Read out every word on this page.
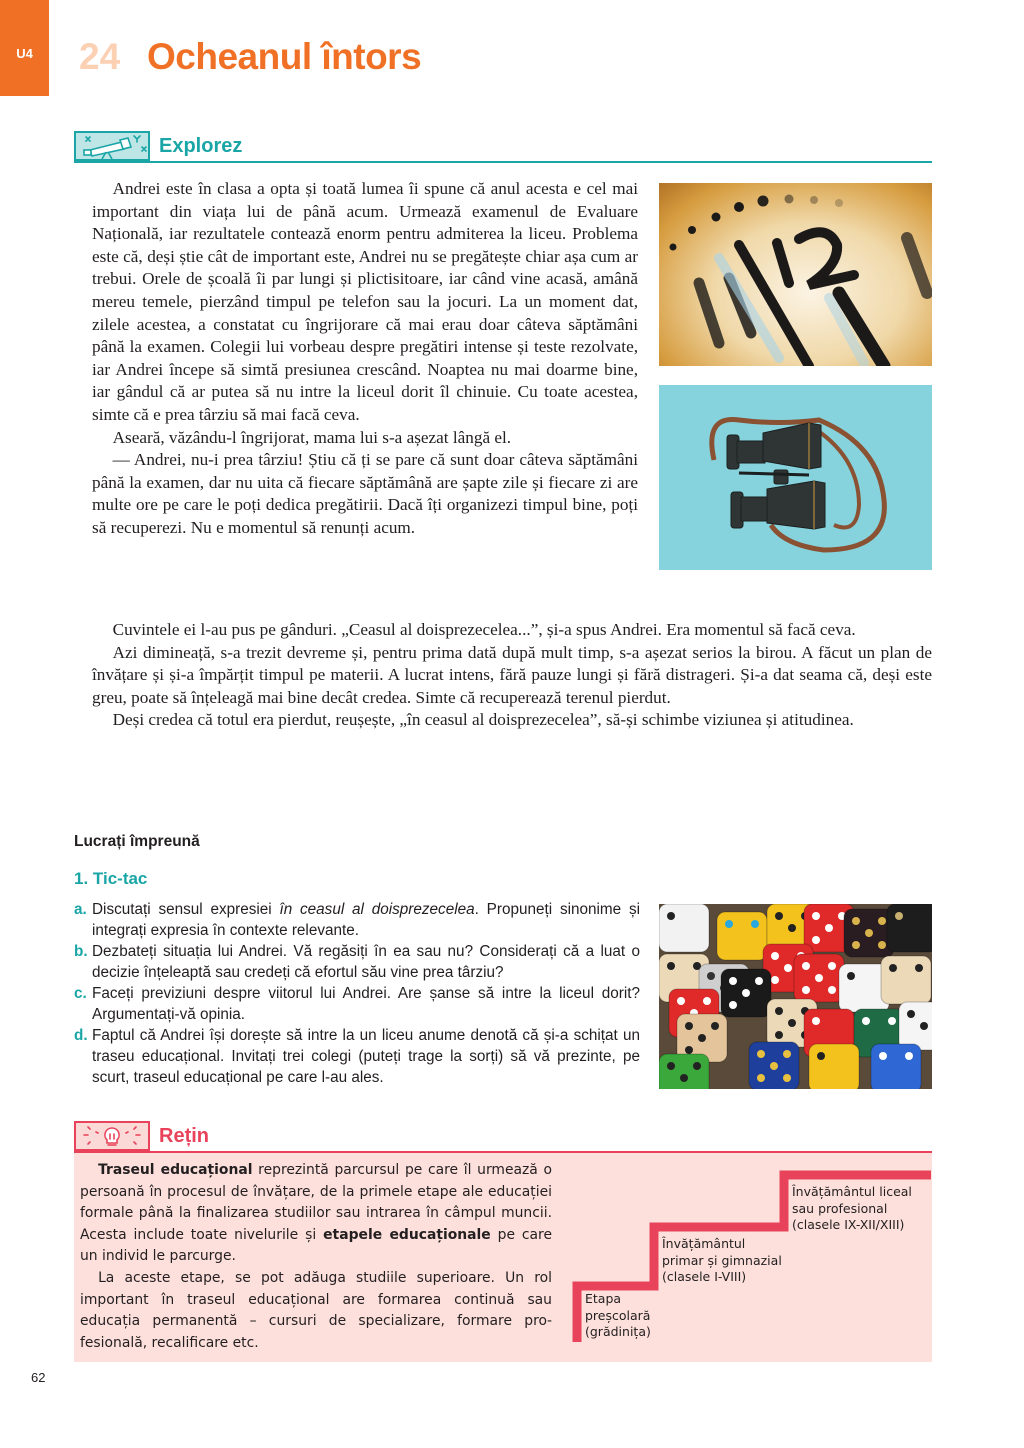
U4	24 Ocheanul întors
Explorez

Andrei este în clasa a opta și toată lumea îi spune că anul acesta e cel mai important din viața lui de până acum. Urmează examenul de Evaluare Națională, iar rezultatele contează enorm pentru admiterea la liceu. Problema este că, deși știe cât de important este, Andrei nu se pregătește chiar așa cum ar trebui. Orele de școală îi par lungi și plictisitoare, iar când vine acasă, amână mereu temele, pierzând timpul pe telefon sau la jocuri. La un moment dat, zilele acestea, a constatat cu îngrijorare că mai erau doar câteva săptămâni până la examen. Colegii lui vorbeau despre pregătiri intense și teste rezolvate, iar Andrei începe să simtă presiunea crescând. Noaptea nu mai doarme bine, iar gândul că ar putea să nu intre la liceul dorit îl chinuie. Cu toate acestea, simte că e prea târziu să mai facă ceva.

Aseară, văzându-l îngrijorat, mama lui s-a așezat lângă el.

— Andrei, nu-i prea târziu! Știu că ți se pare că sunt doar câteva săptămâni până la examen, dar nu uita că fiecare săptămână are șapte zile și fiecare zi are multe ore pe care le poți dedica pregătirii. Dacă îți organizezi timpul bine, poți să recuperezi. Nu e momentul să renunți acum.

Cuvintele ei l-au pus pe gânduri. „Ceasul al doisprezecelea...”, și-a spus Andrei. Era momentul să facă ceva.

Azi dimineață, s-a trezit devreme și, pentru prima dată după mult timp, s-a așezat serios la birou. A făcut un plan de învățare și și-a împărțit timpul pe materii. A lucrat intens, fără pauze lungi și fără distrageri. Și-a dat seama că, deși este greu, poate să înțeleagă mai bine decât credea. Simte că recuperează terenul pierdut.

Deși credea că totul era pierdut, reușește, „în ceasul al doisprezecelea”, să-și schimbe viziunea și atitudinea.

Lucrați împreună
1. Tic-tac
a. Discutați sensul expresiei în ceasul al doisprezecelea. Propuneți sinonime și integrați expresia în contexte relevante.
b. Dezbateți situația lui Andrei. Vă regăsiți în ea sau nu? Considerați că a luat o decizie înțeleaptă sau credeți că efortul său vine prea târziu?
c. Faceți previziuni despre viitorul lui Andrei. Are șanse să intre la liceul dorit? Argumentați-vă opinia.
d. Faptul că Andrei își dorește să intre la un liceu anume denotă că și-a schițat un traseu educațional. Invitați trei colegi (puteți trage la sorți) să vă prezinte, pe scurt, traseul educațional pe care l-au ales.
Rețin

Traseul educațional reprezintă parcursul pe care îl urmează o persoană în procesul de învățare, de la primele etape ale educației formale până la finalizarea studiilor sau intrarea în câmpul muncii. Acesta include toate nivelurile și etapele educaționale pe care un individ le parcurge.

La aceste etape, se pot adăuga studiile superioare. Un rol important în traseul educațional are formarea continuă sau educația permanentă – cursuri de specializare, formare profesională, recalificare etc.

Etapa
preșcolară
(grădinița)
Învățământul
primar și gimnazial
(clasele I-VIII)
Învățământul liceal
sau profesional
(clasele IX-XII/XIII)
62
